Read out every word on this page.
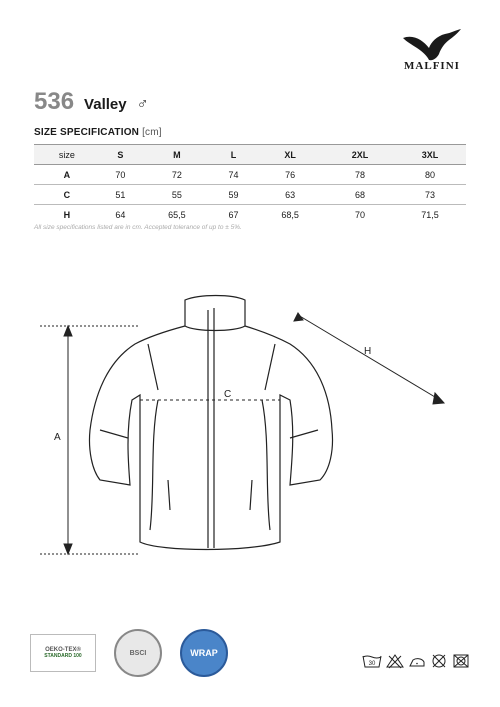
MALFINI
536 Valley ♂
SIZE SPECIFICATION [cm]
size	S	M	L	XL	2XL	3XL
A	70	72	74	76	78	80
C	51	55	59	63	68	73
H	64	65,5	67	68,5	70	71,5
All size specifications listed are in cm. Accepted tolerance of up to ± 5%.
A
C
H
OEKO-TEX®
STANDARD 100	BSCI	WRAP
30
